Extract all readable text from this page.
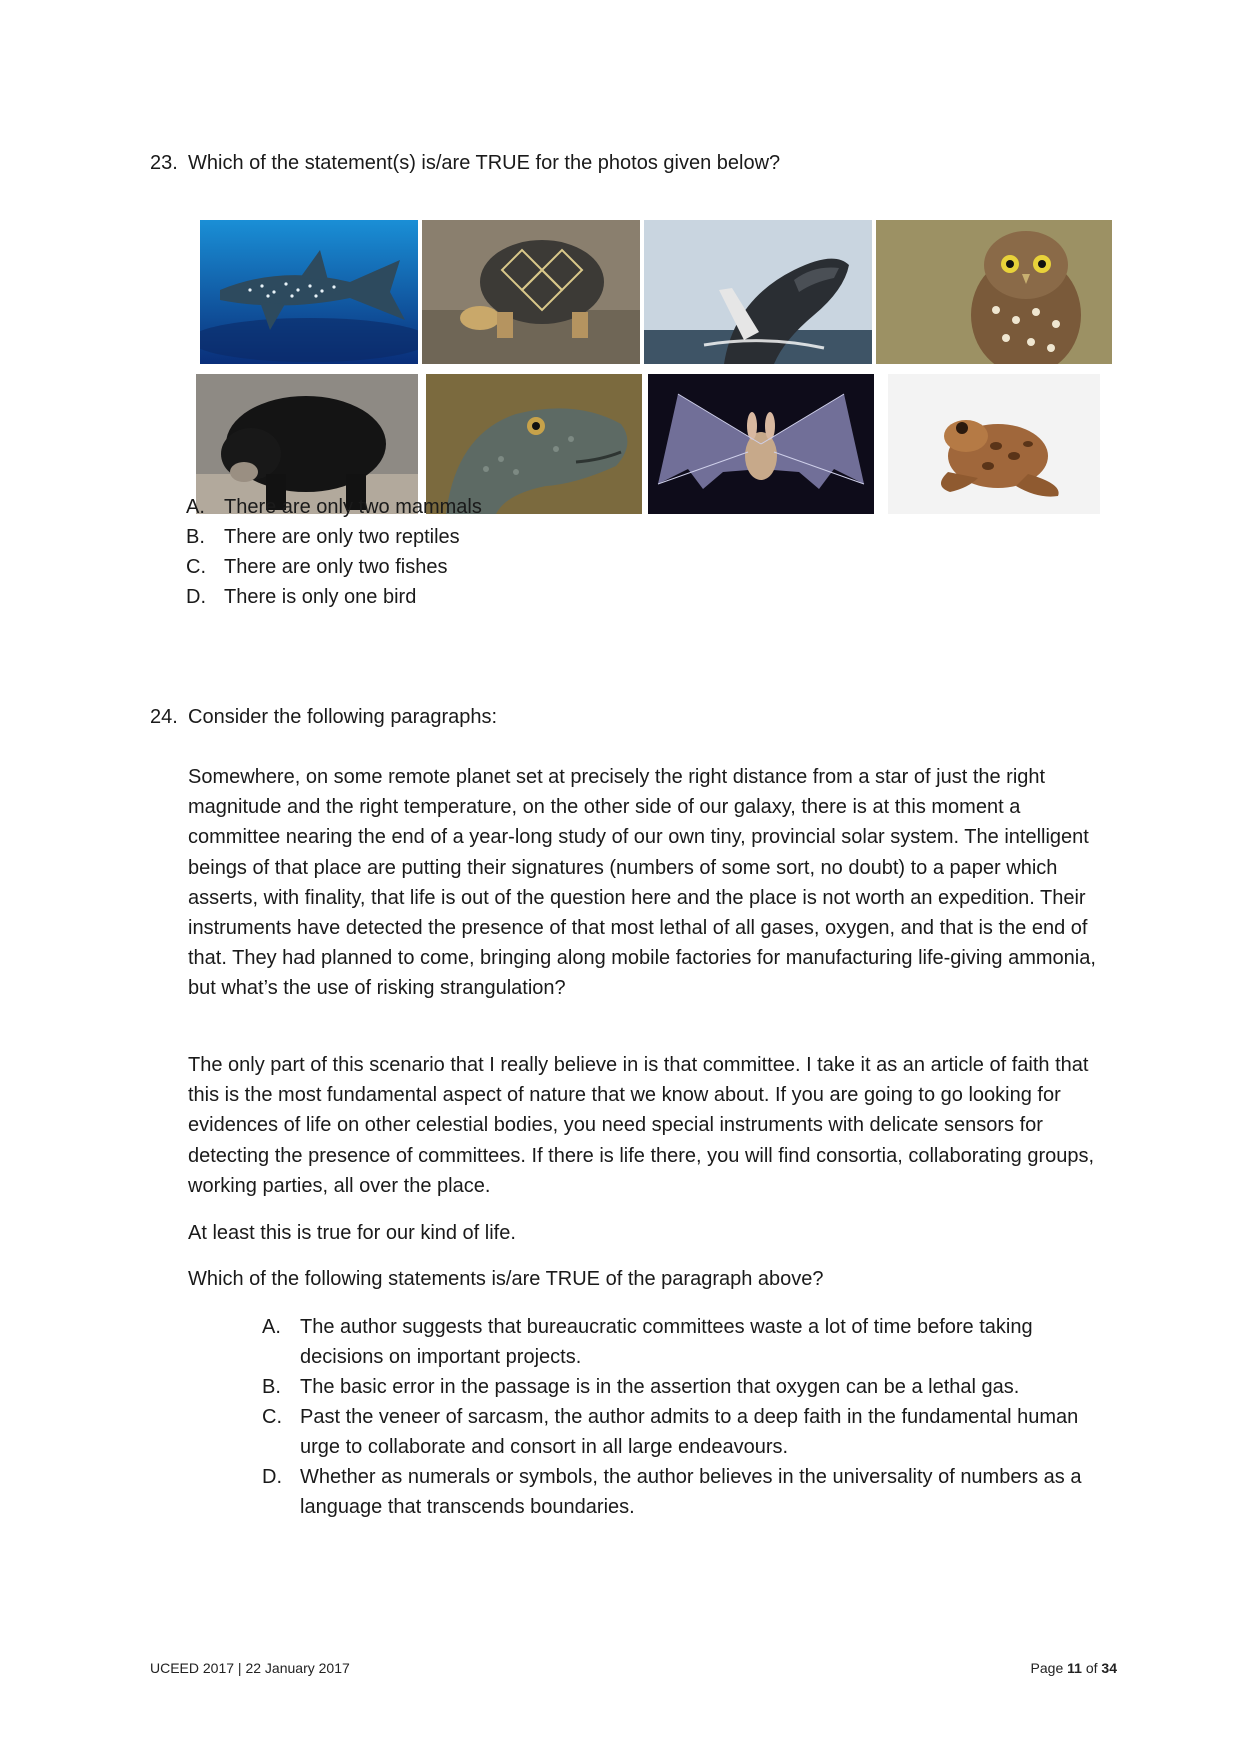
23. Which of the statement(s) is/are TRUE for the photos given below?
A. There are only two mammals
B. There are only two reptiles
C. There are only two fishes
D. There is only one bird
24. Consider the following paragraphs:

Somewhere, on some remote planet set at precisely the right distance from a star of just the right magnitude and the right temperature, on the other side of our galaxy, there is at this moment a committee nearing the end of a year-long study of our own tiny, provincial solar system. The intelligent beings of that place are putting their signatures (numbers of some sort, no doubt) to a paper which asserts, with finality, that life is out of the question here and the place is not worth an expedition. Their instruments have detected the presence of that most lethal of all gases, oxygen, and that is the end of that. They had planned to come, bringing along mobile factories for manufacturing life-giving ammonia, but what’s the use of risking strangulation?

The only part of this scenario that I really believe in is that committee. I take it as an article of faith that this is the most fundamental aspect of nature that we know about. If you are going to go looking for evidences of life on other celestial bodies, you need special instruments with delicate sensors for detecting the presence of committees. If there is life there, you will find consortia, collaborating groups, working parties, all over the place.

At least this is true for our kind of life.

Which of the following statements is/are TRUE of the paragraph above?

A. The author suggests that bureaucratic committees waste a lot of time before taking decisions on important projects.
B. The basic error in the passage is in the assertion that oxygen can be a lethal gas.
C. Past the veneer of sarcasm, the author admits to a deep faith in the fundamental human urge to collaborate and consort in all large endeavours.
D. Whether as numerals or symbols, the author believes in the universality of numbers as a language that transcends boundaries.
UCEED 2017 | 22 January 2017	Page 11 of 34
